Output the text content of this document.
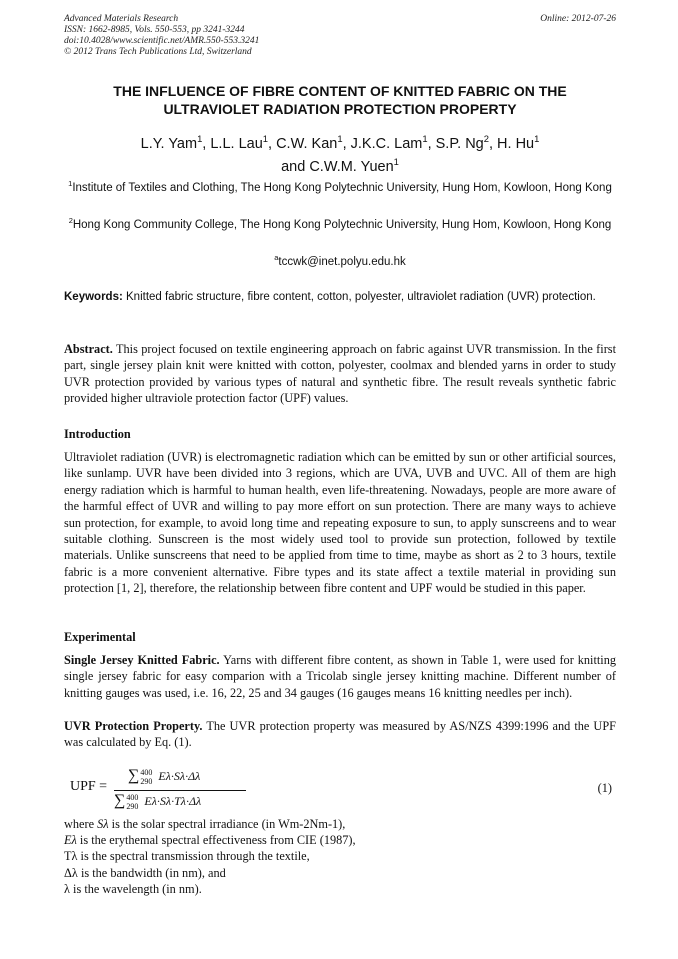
Advanced Materials Research
ISSN: 1662-8985, Vols. 550-553, pp 3241-3244
doi:10.4028/www.scientific.net/AMR.550-553.3241
© 2012 Trans Tech Publications Ltd, Switzerland
Online: 2012-07-26
THE INFLUENCE OF FIBRE CONTENT OF KNITTED FABRIC ON THE
ULTRAVIOLET RADIATION PROTECTION PROPERTY
L.Y. Yam$^1$, L.L. Lau$^1$, C.W. Kan$^1$, J.K.C. Lam$^1$, S.P. Ng$^2$, H. Hu$^1$
and C.W.M. Yuen$^1$
$^1$Institute of Textiles and Clothing, The Hong Kong Polytechnic University, Hung Hom, Kowloon, Hong Kong
$^2$Hong Kong Community College, The Hong Kong Polytechnic University, Hung Hom, Kowloon, Hong Kong
$^a$tccwk@inet.polyu.edu.hk
Keywords: Knitted fabric structure, fibre content, cotton, polyester, ultraviolet radiation (UVR) protection.
Abstract. This project focused on textile engineering approach on fabric against UVR transmission. In the first part, single jersey plain knit were knitted with cotton, polyester, coolmax and blended yarns in order to study UVR protection provided by various types of natural and synthetic fibre. The result reveals synthetic fabric provided higher ultraviole protection factor (UPF) values.
Introduction
Ultraviolet radiation (UVR) is electromagnetic radiation which can be emitted by sun or other artificial sources, like sunlamp. UVR have been divided into 3 regions, which are UVA, UVB and UVC. All of them are high energy radiation which is harmful to human health, even life-threatening. Nowadays, people are more aware of the harmful effect of UVR and willing to pay more effort on sun protection. There are many ways to achieve sun protection, for example, to avoid long time and repeating exposure to sun, to apply sunscreens and to wear suitable clothing. Sunscreen is the most widely used tool to provide sun protection, followed by textile materials. Unlike sunscreens that need to be applied from time to time, maybe as short as 2 to 3 hours, textile fabric is a more convenient alternative. Fibre types and its state affect a textile material in providing sun protection [1, 2], therefore, the relationship between fibre content and UPF would be studied in this paper.
Experimental
Single Jersey Knitted Fabric. Yarns with different fibre content, as shown in Table 1, were used for knitting single jersey fabric for easy comparion with a Tricolab single jersey knitting machine. Different number of knitting gauges was used, i.e. 16, 22, 25 and 34 gauges (16 gauges means 16 knitting needles per inch).
UVR Protection Property. The UVR protection property was measured by AS/NZS 4399:1996 and the UPF was calculated by Eq. (1).
UPF =
∑400
290 Eλ·Sλ·Δλ
∑400
290 Eλ·Sλ·Tλ·Δλ
(1)
where Sλ is the solar spectral irradiance (in Wm-2Nm-1),
Eλ is the erythemal spectral effectiveness from CIE (1987),
Tλ is the spectral transmission through the textile,
Δλ is the bandwidth (in nm), and
λ is the wavelength (in nm).
